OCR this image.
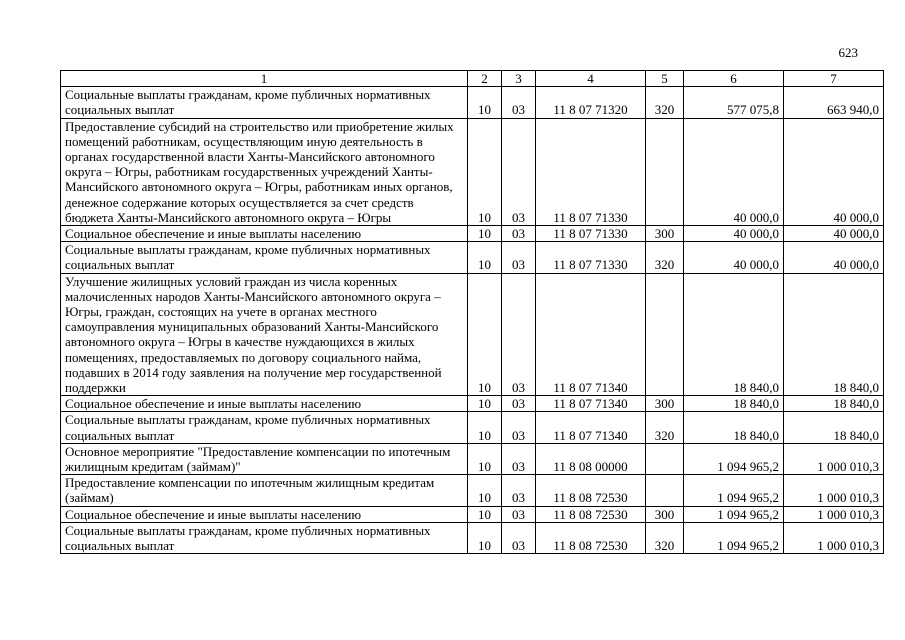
623
1	2	3	4	5	6	7
Социальные выплаты гражданам, кроме публичных нормативных социальных выплат	10	03	11 8 07 71320	320	577 075,8	663 940,0
Предоставление субсидий на строительство или приобретение жилых помещений работникам, осуществляющим иную деятельность в органах государственной власти Ханты-Мансийского автономного округа – Югры, работникам государственных учреждений Ханты-Мансийского автономного округа – Югры, работникам иных органов, денежное содержание которых осуществляется за счет средств бюджета Ханты-Мансийского автономного округа – Югры	10	03	11 8 07 71330		40 000,0	40 000,0
Социальное обеспечение и иные выплаты населению	10	03	11 8 07 71330	300	40 000,0	40 000,0
Социальные выплаты гражданам, кроме публичных нормативных социальных выплат	10	03	11 8 07 71330	320	40 000,0	40 000,0
Улучшение жилищных условий граждан из числа коренных малочисленных народов Ханты-Мансийского автономного округа – Югры, граждан, состоящих на учете в органах местного самоуправления муниципальных образований Ханты-Мансийского автономного округа – Югры в качестве нуждающихся в жилых помещениях, предоставляемых по договору социального найма, подавших в 2014 году заявления на получение мер государственной поддержки	10	03	11 8 07 71340		18 840,0	18 840,0
Социальное обеспечение и иные выплаты населению	10	03	11 8 07 71340	300	18 840,0	18 840,0
Социальные выплаты гражданам, кроме публичных нормативных социальных выплат	10	03	11 8 07 71340	320	18 840,0	18 840,0
Основное мероприятие "Предоставление компенсации по ипотечным жилищным кредитам (займам)"	10	03	11 8 08 00000		1 094 965,2	1 000 010,3
Предоставление компенсации по ипотечным жилищным кредитам (займам)	10	03	11 8 08 72530		1 094 965,2	1 000 010,3
Социальное обеспечение и иные выплаты населению	10	03	11 8 08 72530	300	1 094 965,2	1 000 010,3
Социальные выплаты гражданам, кроме публичных нормативных социальных выплат	10	03	11 8 08 72530	320	1 094 965,2	1 000 010,3
